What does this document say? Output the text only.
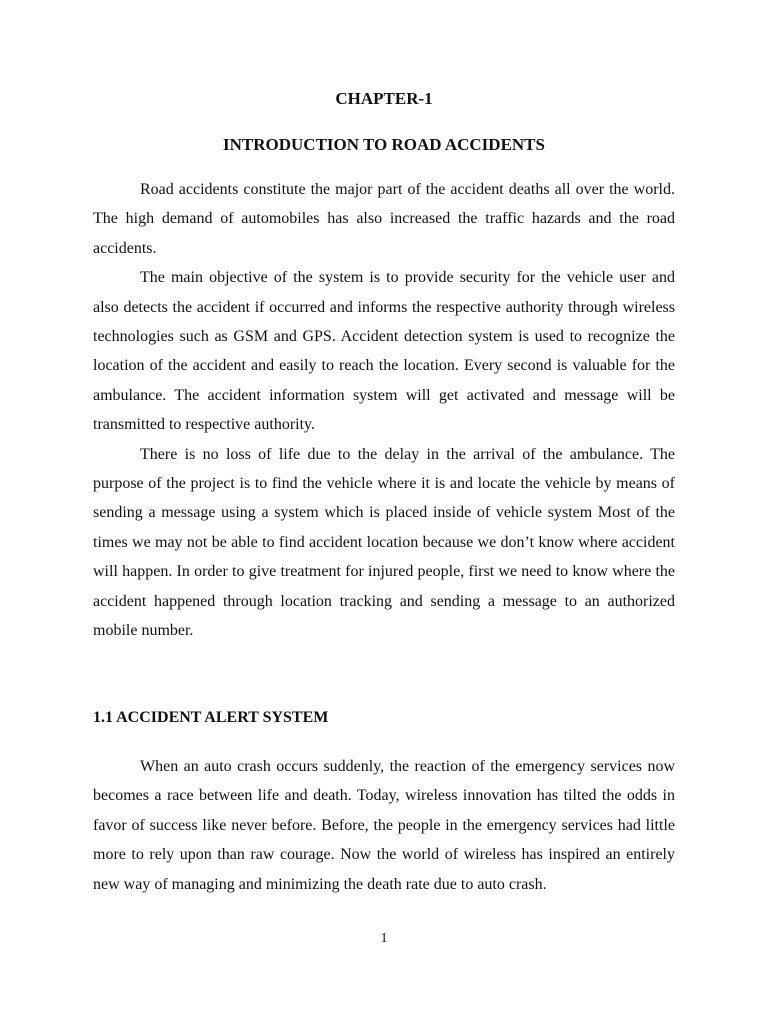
CHAPTER-1
INTRODUCTION TO ROAD ACCIDENTS

Road accidents constitute the major part of the accident deaths all over the world. The high demand of automobiles has also increased the traffic hazards and the road accidents.

The main objective of the system is to provide security for the vehicle user and also detects the accident if occurred and informs the respective authority through wireless technologies such as GSM and GPS. Accident detection system is used to recognize the location of the accident and easily to reach the location. Every second is valuable for the ambulance. The accident information system will get activated and message will be transmitted to respective authority.

There is no loss of life due to the delay in the arrival of the ambulance. The purpose of the project is to find the vehicle where it is and locate the vehicle by means of sending a message using a system which is placed inside of vehicle system Most of the times we may not be able to find accident location because we don’t know where accident will happen. In order to give treatment for injured people, first we need to know where the accident happened through location tracking and sending a message to an authorized mobile number.

1.1 ACCIDENT ALERT SYSTEM

When an auto crash occurs suddenly, the reaction of the emergency services now becomes a race between life and death. Today, wireless innovation has tilted the odds in favor of success like never before. Before, the people in the emergency services had little more to rely upon than raw courage. Now the world of wireless has inspired an entirely new way of managing and minimizing the death rate due to auto crash.

1
